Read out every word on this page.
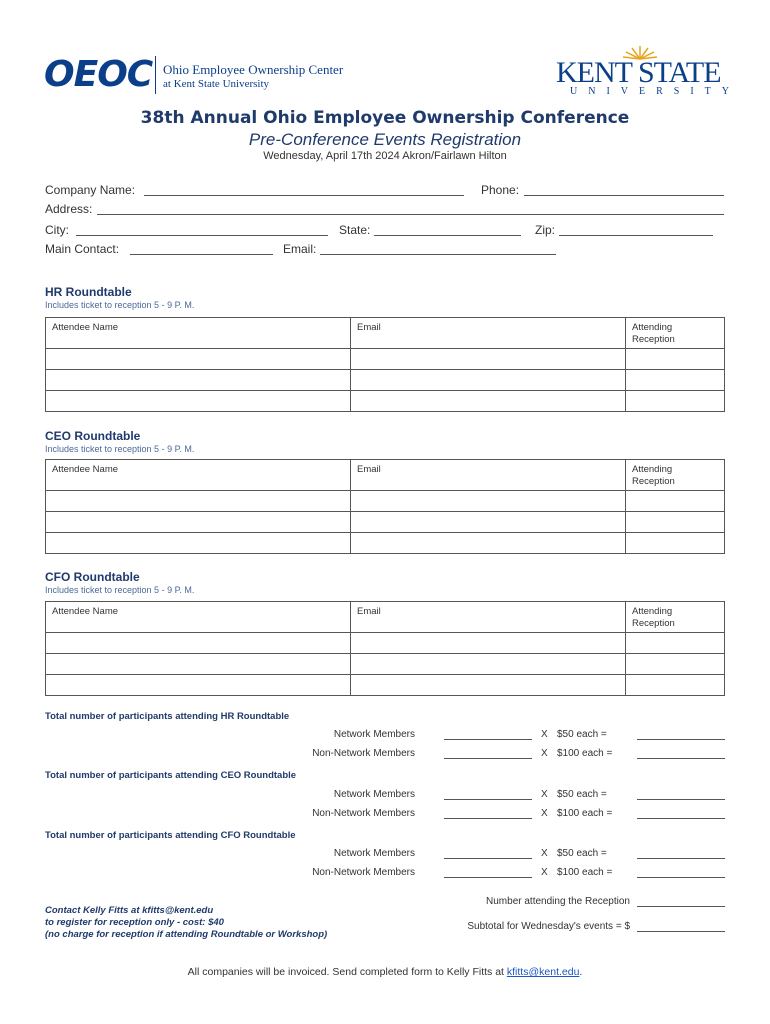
OEOC Ohio Employee Ownership Center
at Kent State University	KENT STATE
UNIVERSITY
38th Annual Ohio Employee Ownership Conference
Pre-Conference Events Registration
Wednesday, April 17th 2024 Akron/Fairlawn Hilton
Company Name:	Phone:
Address:
City:	State:	Zip:
Main Contact:	Email:
HR Roundtable
Includes ticket to reception 5 - 9 P. M.
Attendee Name	Email	Attending
Reception

CEO Roundtable
Includes ticket to reception 5 - 9 P. M.
Attendee Name	Email	Attending
Reception

CFO Roundtable
Includes ticket to reception 5 - 9 P. M.
Attendee Name	Email	Attending
Reception

Total number of participants attending HR Roundtable
Network Members	X $50 each =
Non-Network Members	X $100 each =
Total number of participants attending CEO Roundtable
Network Members	X $50 each =
Non-Network Members	X $100 each =
Total number of participants attending CFO Roundtable
Network Members	X $50 each =
Non-Network Members	X $100 each =
Number attending the Reception
Subtotal for Wednesday's events = $
Contact Kelly Fitts at kfitts@kent.edu
to register for reception only - cost: $40
(no charge for reception if attending Roundtable or Workshop)
All companies will be invoiced. Send completed form to Kelly Fitts at kfitts@kent.edu.
